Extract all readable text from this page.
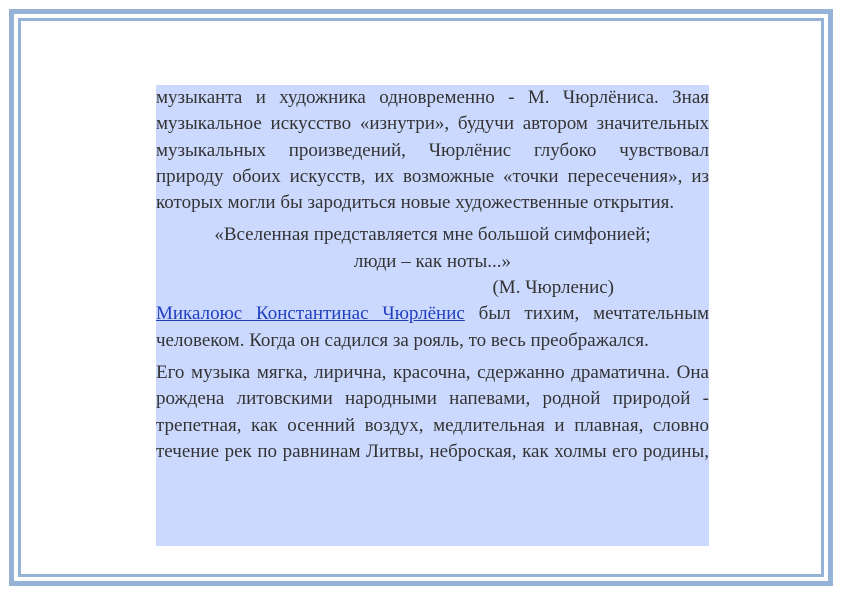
музыканта и художника одновременно - М. Чюрлёниса. Зная музыкальное искусство «изнутри», будучи автором значительных музыкальных произведений, Чюрлёнис глубоко чувствовал природу обоих искусств, их возможные «точки пересечения», из которых могли бы зародиться новые художественные открытия.

«Вселенная представляется мне большой симфонией;
люди – как ноты...»

(М. Чюрленис)

Микалоюс Константинас Чюрлёнис был тихим, мечтательным человеком. Когда он садился за рояль, то весь преображался.

Его музыка мягка, лирична, красочна, сдержанно драматична. Она рождена литовскими народными напевами, родной природой - трепетная, как осенний воздух, медлительная и плавная, словно течение рек по равнинам Литвы, неброская, как холмы его родины,
